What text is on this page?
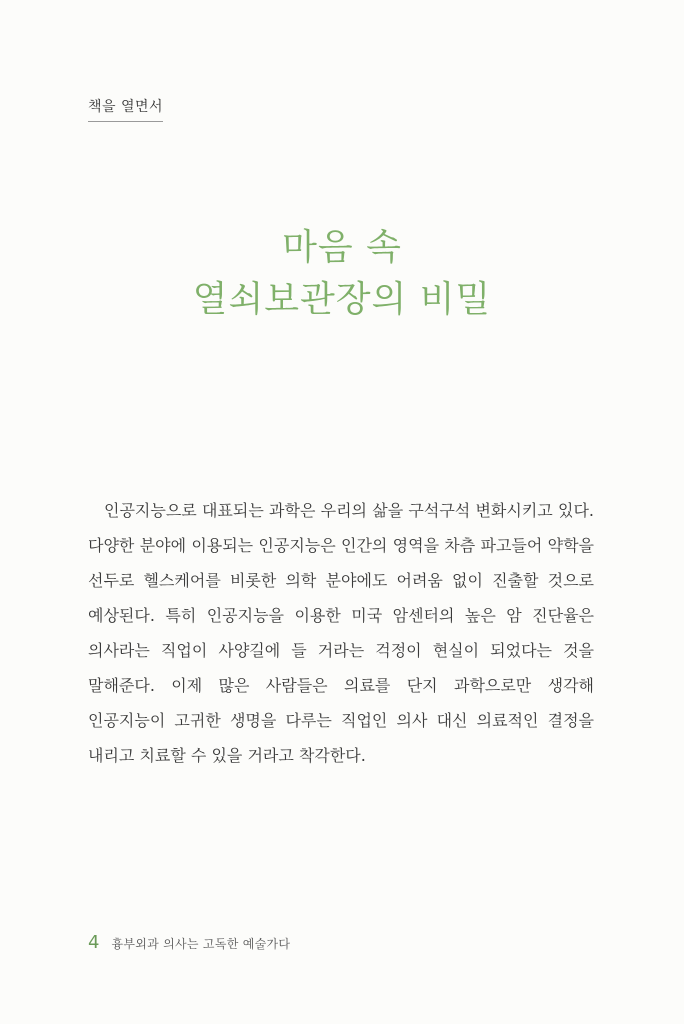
책을 열면서
마음 속
열쇠보관장의 비밀
인공지능으로 대표되는 과학은 우리의 삶을 구석구석 변화시키고 있다. 다양한 분야에 이용되는 인공지능은 인간의 영역을 차츰 파고들어 약학을 선두로 헬스케어를 비롯한 의학 분야에도 어려움 없이 진출할 것으로 예상된다. 특히 인공지능을 이용한 미국 암센터의 높은 암 진단율은 의사라는 직업이 사양길에 들 거라는 걱정이 현실이 되었다는 것을 말해준다. 이제 많은 사람들은 의료를 단지 과학으로만 생각해 인공지능이 고귀한 생명을 다루는 직업인 의사 대신 의료적인 결정을 내리고 치료할 수 있을 거라고 착각한다.
4 흉부외과 의사는 고독한 예술가다
